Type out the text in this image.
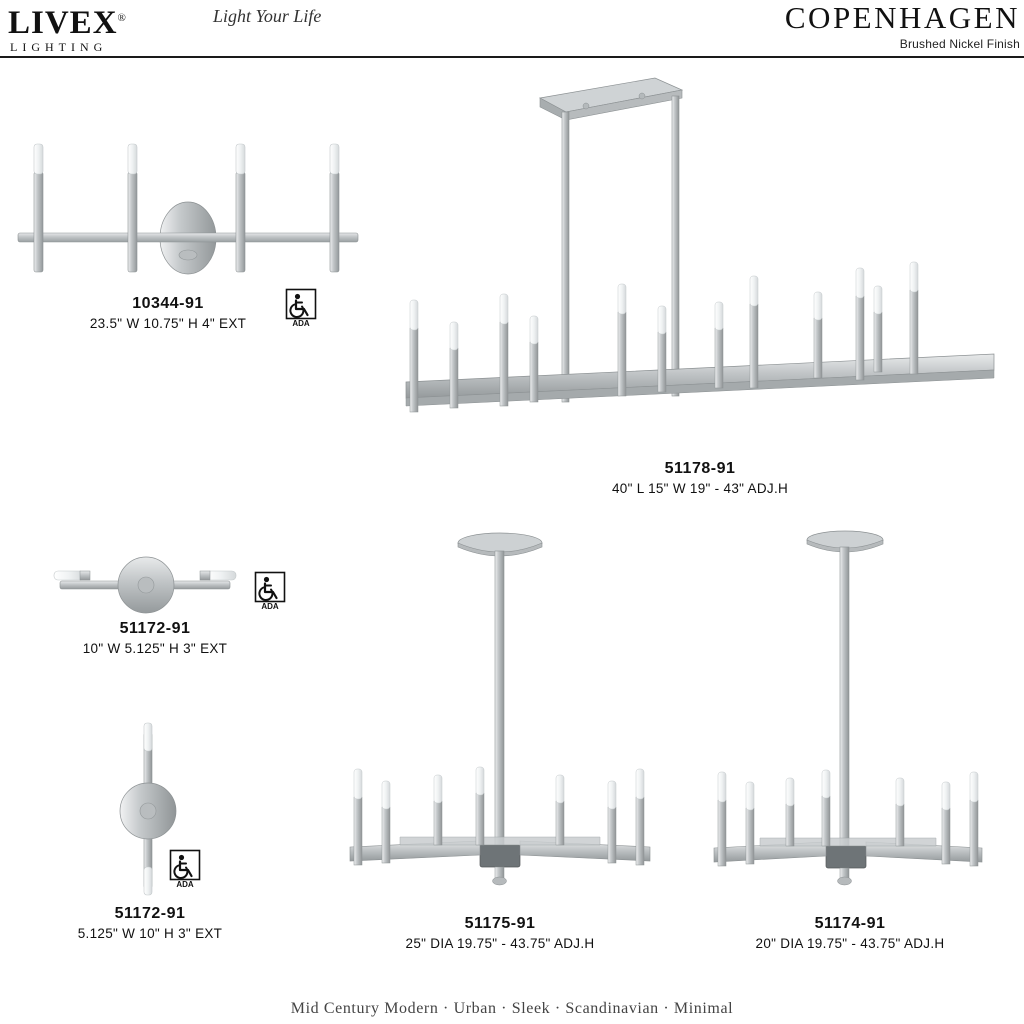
LIVEX®
LIGHTING
Light Your Life	COPENHAGEN
Brushed Nickel Finish
10344-91
23.5" W 10.75" H 4" EXT	ADA
51178-91
40" L 15" W 19" - 43" ADJ.H
51172-91
10" W 5.125" H 3" EXT
ADA
51172-91
5.125" W 10" H 3" EXT
ADA
51175-91
25" DIA 19.75" - 43.75" ADJ.H
51174-91
20" DIA 19.75" - 43.75" ADJ.H
Mid Century Modern · Urban · Sleek · Scandinavian · Minimal
